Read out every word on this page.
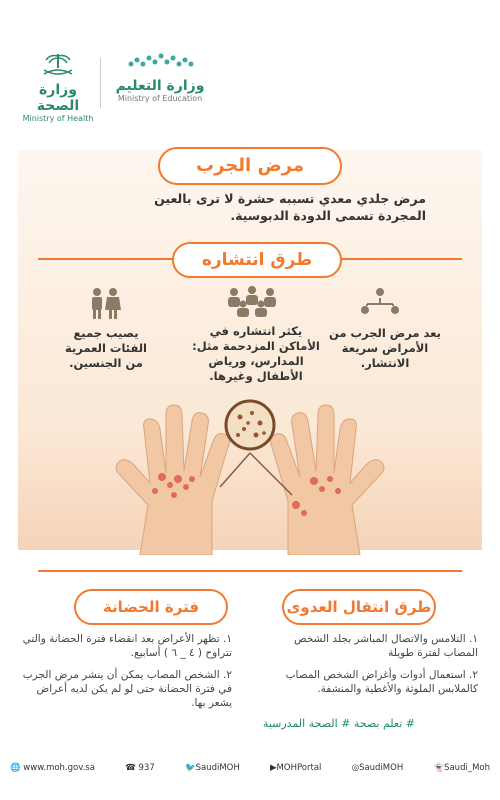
وزارة الصحة
Ministry of Health
وزارة التعليم
Ministry of Education
مرض الجرب
مرض جلدي معدي تسببه حشرة لا ترى بالعين المجردة تسمى الدودة الدبوسية.
طرق انتشاره
يعد مرض الجرب من الأمراض سريعة الانتشار.
يكثر انتشاره في الأماكن المزدحمة مثل: المدارس، ورياض الأطفال وغيرها.
يصيب جميع الفئات العمرية من الجنسين.
فترة الحضانة	طرق انتقال العدوى
١. تظهر الأعراض بعد انقضاء فترة الحضانة والتي تتراوح ( ٤ _ ٦ ) أسابيع.
٢. الشخص المصاب يمكن أن ينشر مرض الجرب في فترة الحضانة حتى لو لم يكن لديه أعراض يشعر بها.
١. التلامس والاتصال المباشر بجلد الشخص المصاب لفترة طويلة
٢. استعمال أدوات وأغراض الشخص المصاب كالملابس الملوثة والأغطية والمنشفة.
# تعلم بصحة # الصحة المدرسية
🌐 www.moh.gov.sa	☎ 937	🐦SaudiMOH	▶MOHPortal	◎SaudiMOH	👻Saudi_Moh
